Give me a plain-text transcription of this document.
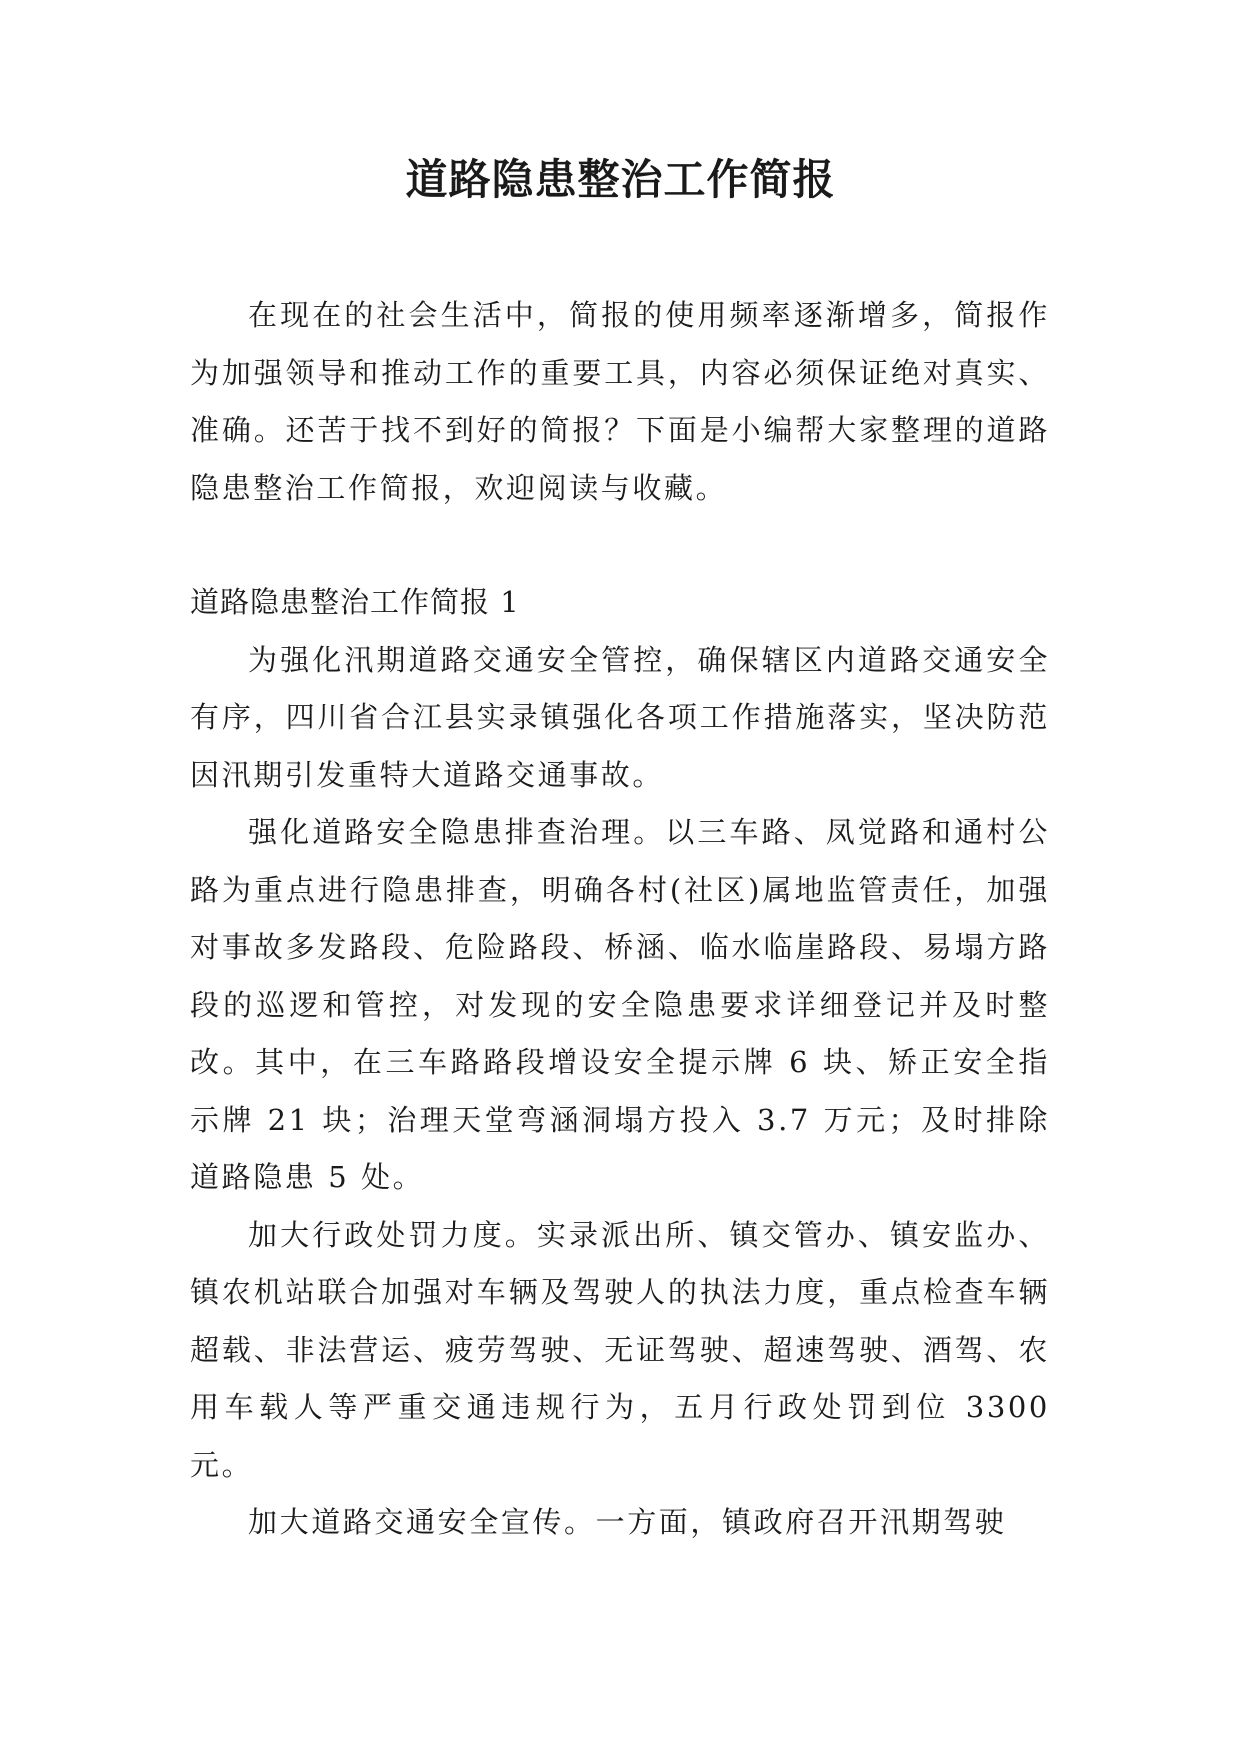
道路隐患整治工作简报

在现在的社会生活中，简报的使用频率逐渐增多，简报作为加强领导和推动工作的重要工具，内容必须保证绝对真实、准确。还苦于找不到好的简报？下面是小编帮大家整理的道路隐患整治工作简报，欢迎阅读与收藏。

道路隐患整治工作简报 1

为强化汛期道路交通安全管控，确保辖区内道路交通安全有序，四川省合江县实录镇强化各项工作措施落实，坚决防范因汛期引发重特大道路交通事故。

强化道路安全隐患排查治理。以三车路、凤觉路和通村公路为重点进行隐患排查，明确各村(社区)属地监管责任，加强对事故多发路段、危险路段、桥涵、临水临崖路段、易塌方路段的巡逻和管控，对发现的安全隐患要求详细登记并及时整改。其中，在三车路路段增设安全提示牌 6 块、矫正安全指示牌 21 块；治理天堂弯涵洞塌方投入 3.7 万元；及时排除道路隐患 5 处。

加大行政处罚力度。实录派出所、镇交管办、镇安监办、镇农机站联合加强对车辆及驾驶人的执法力度，重点检查车辆超载、非法营运、疲劳驾驶、无证驾驶、超速驾驶、酒驾、农用车载人等严重交通违规行为，五月行政处罚到位 3300 元。

加大道路交通安全宣传。一方面，镇政府召开汛期驾驶
